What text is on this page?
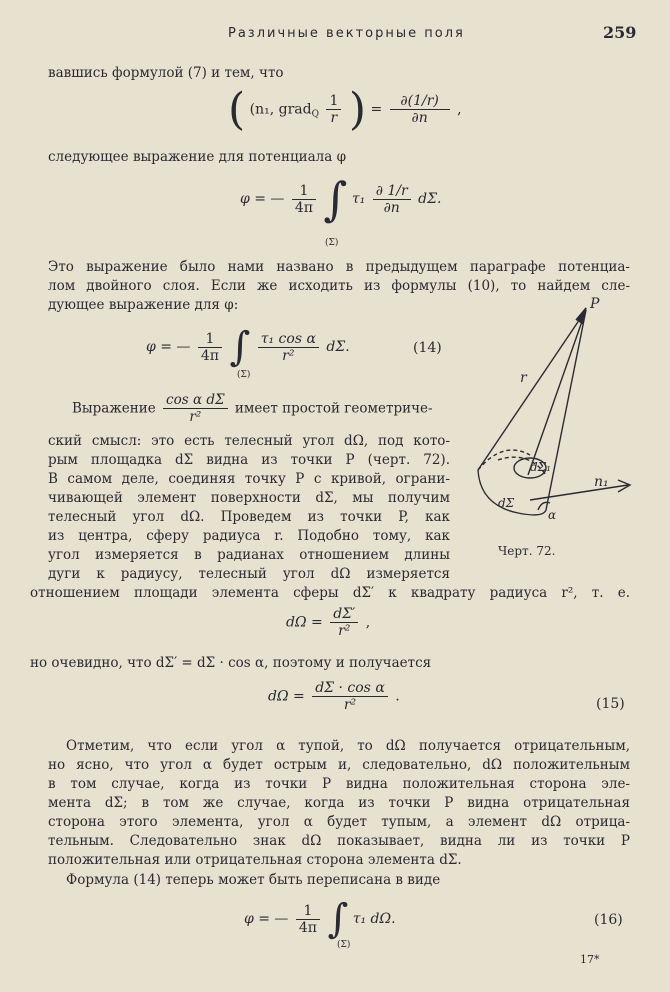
Различные векторные поля	259
вавшись формулой (7) и тем, что
( (n₁, grad$_Q$ $\frac{1}{r}$ ) = $\frac{\partial(1/r)}{\partial n}$ ,
следующее выражение для потенциала φ
φ = — $\frac{1}{4\pi}$ ∫ $\tau_1 \frac{\partial 1/r}{\partial n} d\Sigma$.
(Σ)
Это выражение было нами названо в предыдущем параграфе потенциа-
лом двойного слоя. Если же исходить из формулы (10), то найдем сле-
дующее выражение для φ:
φ = — $\frac{1}{4\pi}$ ∫ $\frac{\text{τ₁ cos α}}{\text{r²}} d\Sigma$.
(Σ)
(14)
Выражение $\frac{\text{cos α dΣ}}{\text{r²}}$ имеет простой геометриче-
ский смысл: это есть телесный угол dΩ, под кото-
рым площадка dΣ видна из точки P (черт. 72).
В самом деле, соединяя точку P с кривой, ограни-
чивающей элемент поверхности dΣ, мы получим
телесный угол dΩ. Проведем из точки P, как
из центра, сферу радиуса r. Подобно тому, как
угол измеряется в радианах отношением длины
дуги к радиусу, телесный угол dΩ измеряется
отношением площади элемента сферы dΣ′ к квадрату радиуса r², т. е.
P
r
n₁
dΣ₁
dΣ
α
Черт. 72.
$d\Omega = \frac{d\Sigma'}{\text{r²}}$ ,
но очевидно, что dΣ′ = dΣ · cos α, поэтому и получается
$d\Omega = \frac{\text{dΣ · cos α}}{\text{r²}}$ .	(15)
Отметим, что если угол α тупой, то dΩ получается отрицательным,
но ясно, что угол α будет острым и, следовательно, dΩ положительным
в том случае, когда из точки P видна положительная сторона эле-
мента dΣ; в том же случае, когда из точки P видна отрицательная
сторона этого элемента, угол α будет тупым, а элемент dΩ отрица-
тельным. Следовательно знак dΩ показывает, видна ли из точки P
положительная или отрицательная сторона элемента dΣ.
Формула (14) теперь может быть переписана в виде
φ = — $\frac{1}{4\pi}$ ∫ τ₁ dΩ.
(Σ)
(16)
17*
